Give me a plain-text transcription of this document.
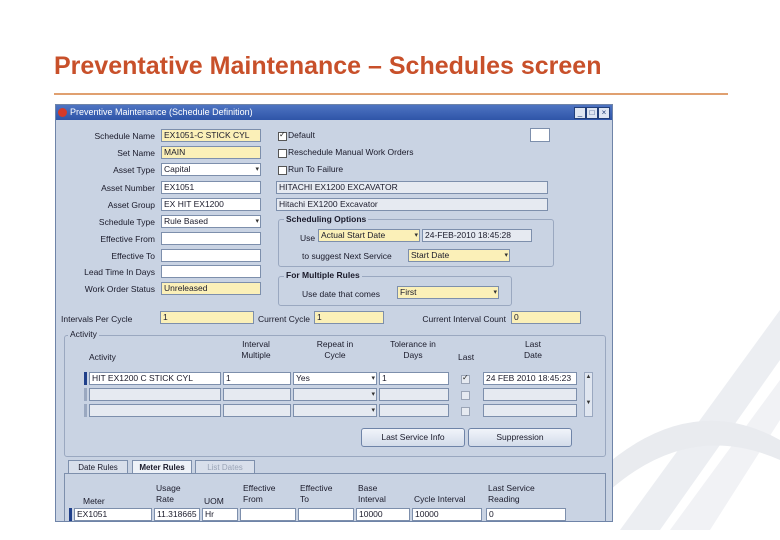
Preventative Maintenance – Schedules screen
Preventive Maintenance (Schedule Definition)	_ □ ×
Schedule Name
Set Name
Asset Type
Asset Number
Asset Group
Schedule Type
Effective From
Effective To
Lead Time In Days
Work Order Status
EX1051-C STICK CYL
MAIN
Capital	▾
EX1051
EX HIT EX1200
Rule Based	▾
Unreleased
✓
Default
Reschedule Manual Work Orders
Run To Failure
HITACHI EX1200 EXCAVATOR
Hitachi EX1200 Excavator
Scheduling Options
Use Actual Start Date	▾ 24-FEB-2010 18:45:28
to suggest Next Service	Start Date	▾
For Multiple Rules
Use date that comes	First	▾
Intervals Per Cycle	1	Current Cycle 1	Current Interval Count 0
Activity
Activity
Interval
Multiple
Repeat in
Cycle
Tolerance in
Days	Last
Last
Date
HIT EX1200 C STICK CYL	1	Yes	▾ 1
✓	24 FEB 2010 18:45:23
▾
▾
▲
▼
Last Service Info	Suppression
Date Rules	Meter Rules	List Dates
Meter
Usage
Rate	UOM
Effective
From
Effective
To
Base
Interval	Cycle Interval
Last Service
Reading
EX1051	11.318665 Hr	10000	10000	0
